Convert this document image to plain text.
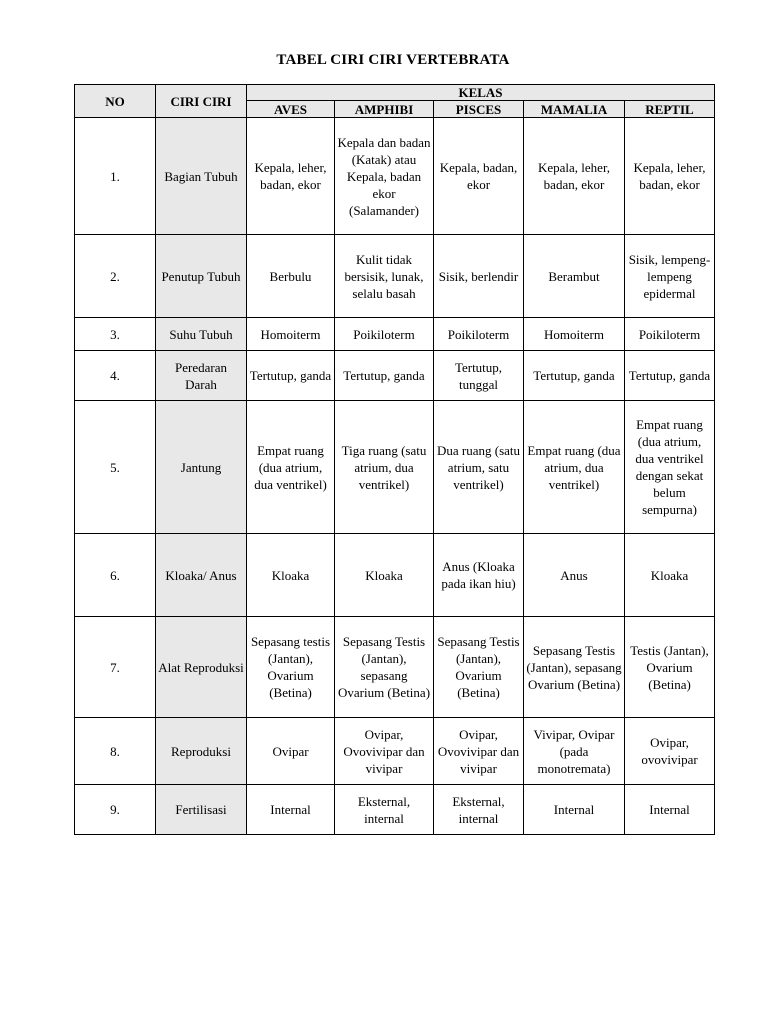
TABEL CIRI CIRI VERTEBRATA
NO	CIRI CIRI	KELAS				
		AVES	AMPHIBI	PISCES	MAMALIA	REPTIL
1.	Bagian Tubuh	Kepala, leher, badan, ekor	Kepala dan badan (Katak) atau Kepala, badan ekor (Salamander)	Kepala, badan, ekor	Kepala, leher, badan, ekor	Kepala, leher, badan, ekor
2.	Penutup Tubuh	Berbulu	Kulit tidak bersisik, lunak, selalu basah	Sisik, berlendir	Berambut	Sisik, lempeng-lempeng epidermal
3.	Suhu Tubuh	Homoiterm	Poikiloterm	Poikiloterm	Homoiterm	Poikiloterm
4.	Peredaran Darah	Tertutup, ganda	Tertutup, ganda	Tertutup, tunggal	Tertutup, ganda	Tertutup, ganda
5.	Jantung	Empat ruang (dua atrium, dua ventrikel)	Tiga ruang (satu atrium, dua ventrikel)	Dua ruang (satu atrium, satu ventrikel)	Empat ruang (dua atrium, dua ventrikel)	Empat ruang (dua atrium, dua ventrikel dengan sekat belum sempurna)
6.	Kloaka/ Anus	Kloaka	Kloaka	Anus (Kloaka pada ikan hiu)	Anus	Kloaka
7.	Alat Reproduksi	Sepasang testis (Jantan), Ovarium (Betina)	Sepasang Testis (Jantan), sepasang Ovarium (Betina)	Sepasang Testis (Jantan), Ovarium (Betina)	Sepasang Testis (Jantan), sepasang Ovarium (Betina)	Testis (Jantan), Ovarium (Betina)
8.	Reproduksi	Ovipar	Ovipar, Ovovivipar dan vivipar	Ovipar, Ovovivipar dan vivipar	Vivipar, Ovipar (pada monotremata)	Ovipar, ovovivipar
9.	Fertilisasi	Internal	Eksternal, internal	Eksternal, internal	Internal	Internal
